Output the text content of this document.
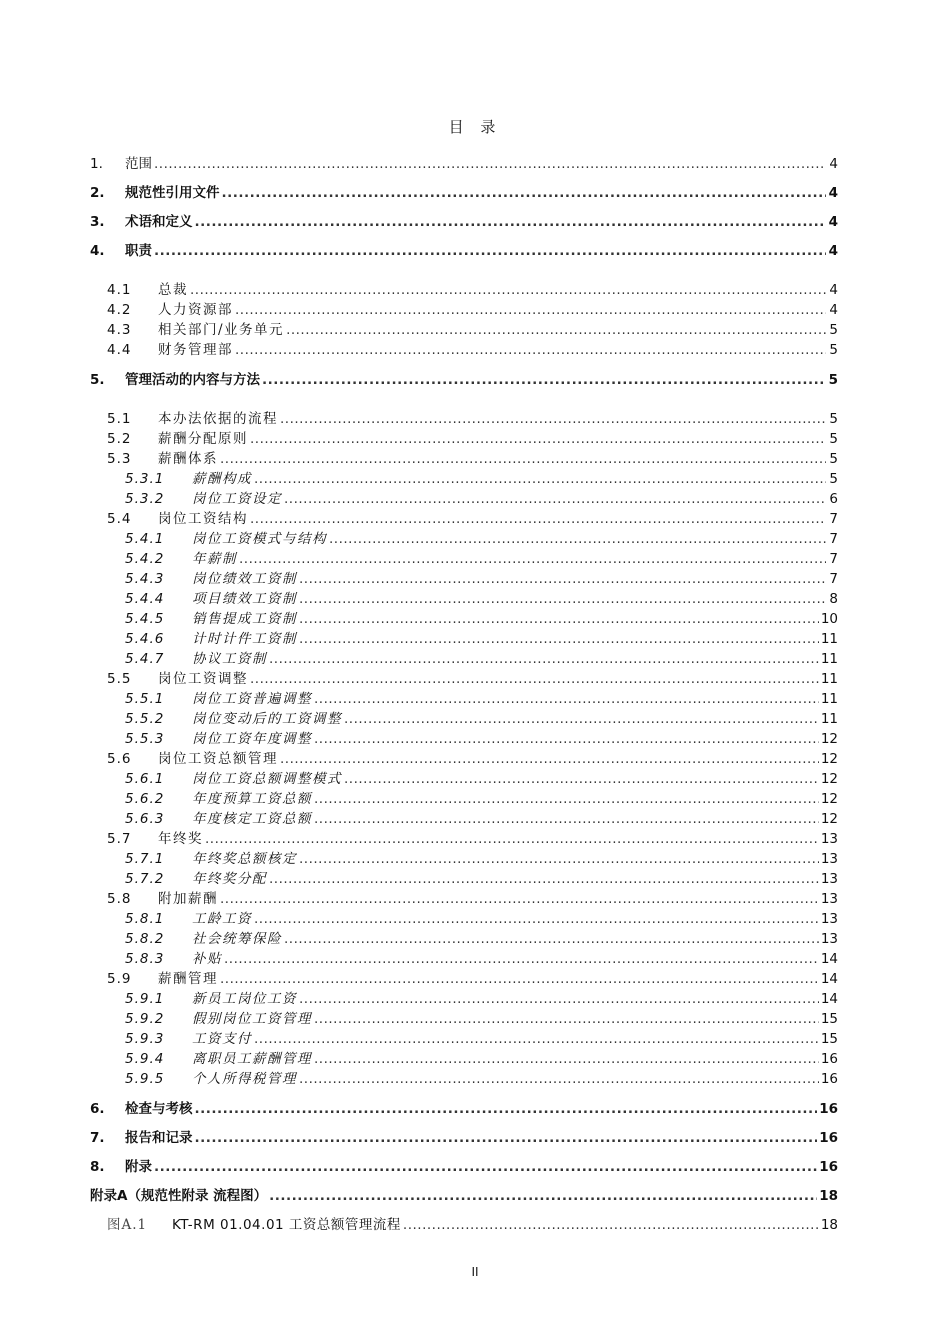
目 录
1.	范围 .....	4
2.	规范性引用文件 .....	4
3.	术语和定义 .....	4
4.	职责 .....	4
4.1	总裁 .....	4
4.2	人力资源部 .....	4
4.3	相关部门/业务单元 .....	5
4.4	财务管理部 .....	5
5.	管理活动的内容与方法 .....	5
5.1	本办法依据的流程 .....	5
5.2	薪酬分配原则 .....	5
5.3	薪酬体系 .....	5
5.3.1	薪酬构成 .....	5
5.3.2	岗位工资设定 .....	6
5.4	岗位工资结构 .....	7
5.4.1	岗位工资模式与结构 .....	7
5.4.2	年薪制 .....	7
5.4.3	岗位绩效工资制 .....	7
5.4.4	项目绩效工资制 .....	8
5.4.5	销售提成工资制 .....	10
5.4.6	计时计件工资制 .....	11
5.4.7	协议工资制 .....	11
5.5	岗位工资调整 .....	11
5.5.1	岗位工资普遍调整 .....	11
5.5.2	岗位变动后的工资调整 .....	11
5.5.3	岗位工资年度调整 .....	12
5.6	岗位工资总额管理 .....	12
5.6.1	岗位工资总额调整模式 .....	12
5.6.2	年度预算工资总额 .....	12
5.6.3	年度核定工资总额 .....	12
5.7	年终奖 .....	13
5.7.1	年终奖总额核定 .....	13
5.7.2	年终奖分配 .....	13
5.8	附加薪酬 .....	13
5.8.1	工龄工资 .....	13
5.8.2	社会统筹保险 .....	13
5.8.3	补贴 .....	14
5.9	薪酬管理 .....	14
5.9.1	新员工岗位工资 .....	14
5.9.2	假别岗位工资管理 .....	15
5.9.3	工资支付 .....	15
5.9.4	离职员工薪酬管理 .....	16
5.9.5	个人所得税管理 .....	16
6.	检查与考核 .....	16
7.	报告和记录 .....	16
8.	附录 .....	16
附录A（规范性附录 流程图） .....	18
图A.1	KT-RM 01.04.01 工资总额管理流程 .....	18
II
